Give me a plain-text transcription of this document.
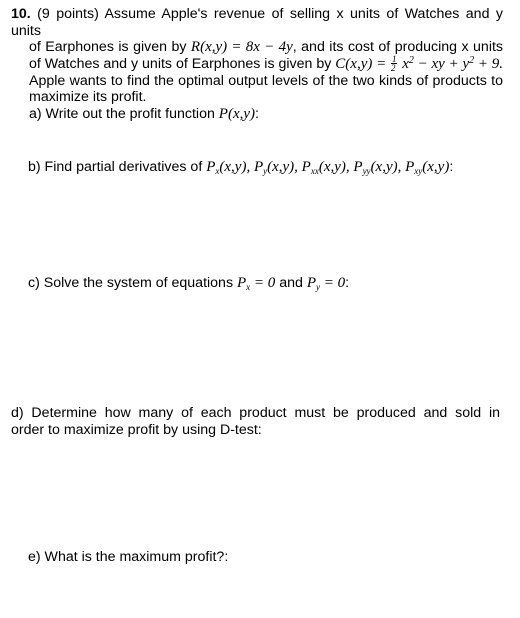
10. (9 points) Assume Apple's revenue of selling x units of Watches and y units
of Earphones is given by R(x,y) = 8x − 4y, and its cost of producing x units
of Watches and y units of Earphones is given by $C(x,y) = \frac{1}{2} x^2$ − xy + $y^2 + 9$.
Apple wants to find the optimal output levels of the two kinds of products to
maximize its profit.
a) Write out the profit function P(x,y):
b) Find partial derivatives of $P_x(x,y)$, $P_y(x,y)$, $P_{xx}(x,y)$, $P_{yy}(x,y)$, $P_{xy}(x,y)$:
c) Solve the system of equations $P_x = 0$ and $P_y = 0$:
d) Determine how many of each product must be produced and sold in
order to maximize profit by using D-test:
e) What is the maximum profit?:
